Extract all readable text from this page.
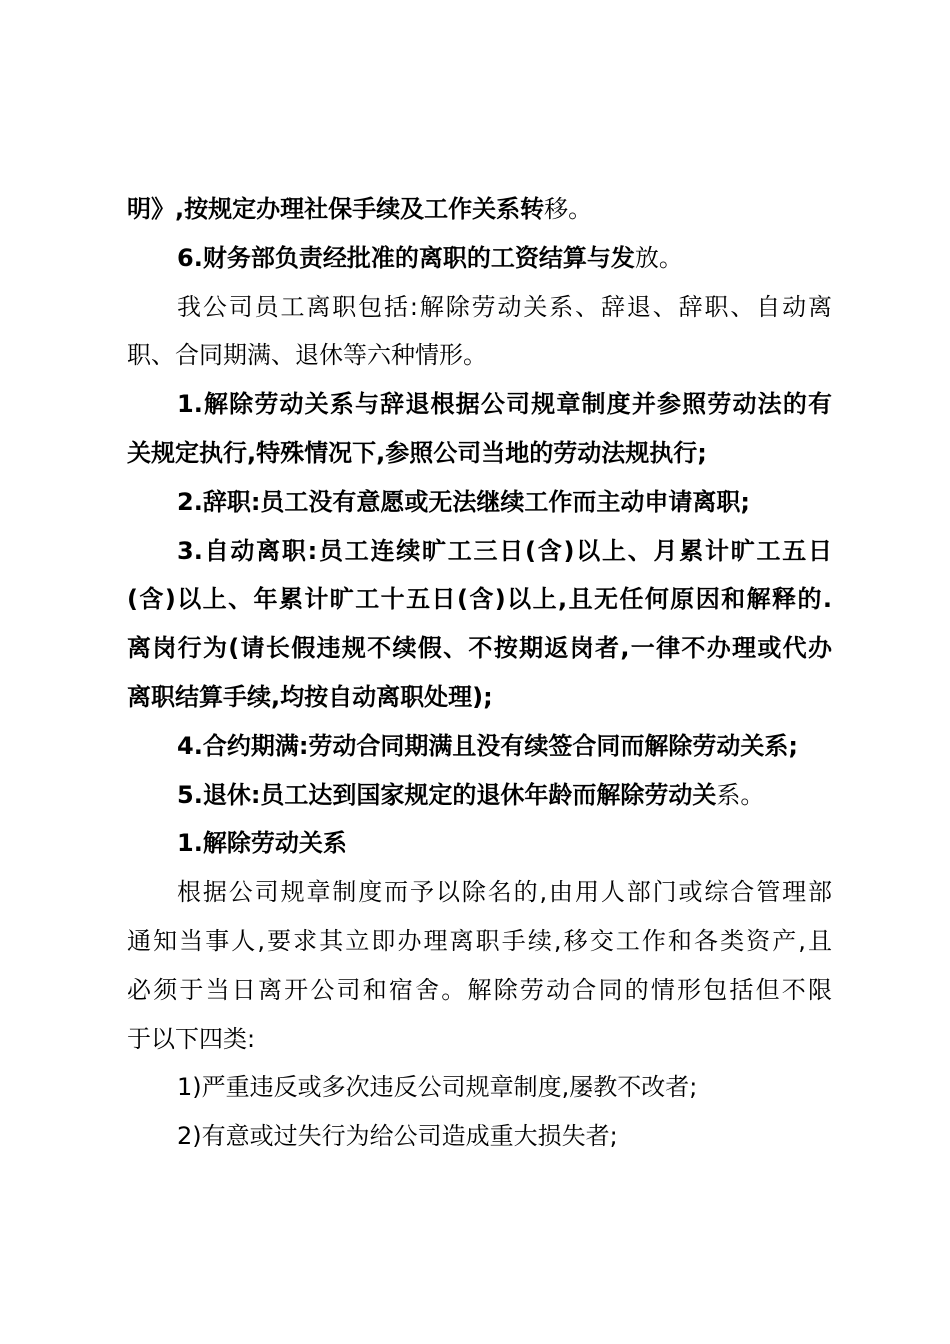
明》,按规定办理社保手续及工作关系转移。
6.财务部负责经批准的离职的工资结算与发放。
我公司员工离职包括:解除劳动关系、辞退、辞职、自动离
职、合同期满、退休等六种情形。
1.解除劳动关系与辞退根据公司规章制度并参照劳动法的有
关规定执行,特殊情况下,参照公司当地的劳动法规执行;
2.辞职:员工没有意愿或无法继续工作而主动申请离职;
3.自动离职:员工连续旷工三日(含)以上、月累计旷工五日
(含)以上、年累计旷工十五日(含)以上,且无任何原因和解释的.
离岗行为(请长假违规不续假、不按期返岗者,一律不办理或代办
离职结算手续,均按自动离职处理);
4.合约期满:劳动合同期满且没有续签合同而解除劳动关系;
5.退休:员工达到国家规定的退休年龄而解除劳动关系。
1.解除劳动关系
根据公司规章制度而予以除名的,由用人部门或综合管理部
通知当事人,要求其立即办理离职手续,移交工作和各类资产,且
必须于当日离开公司和宿舍。解除劳动合同的情形包括但不限
于以下四类:
1)严重违反或多次违反公司规章制度,屡教不改者;
2)有意或过失行为给公司造成重大损失者;
